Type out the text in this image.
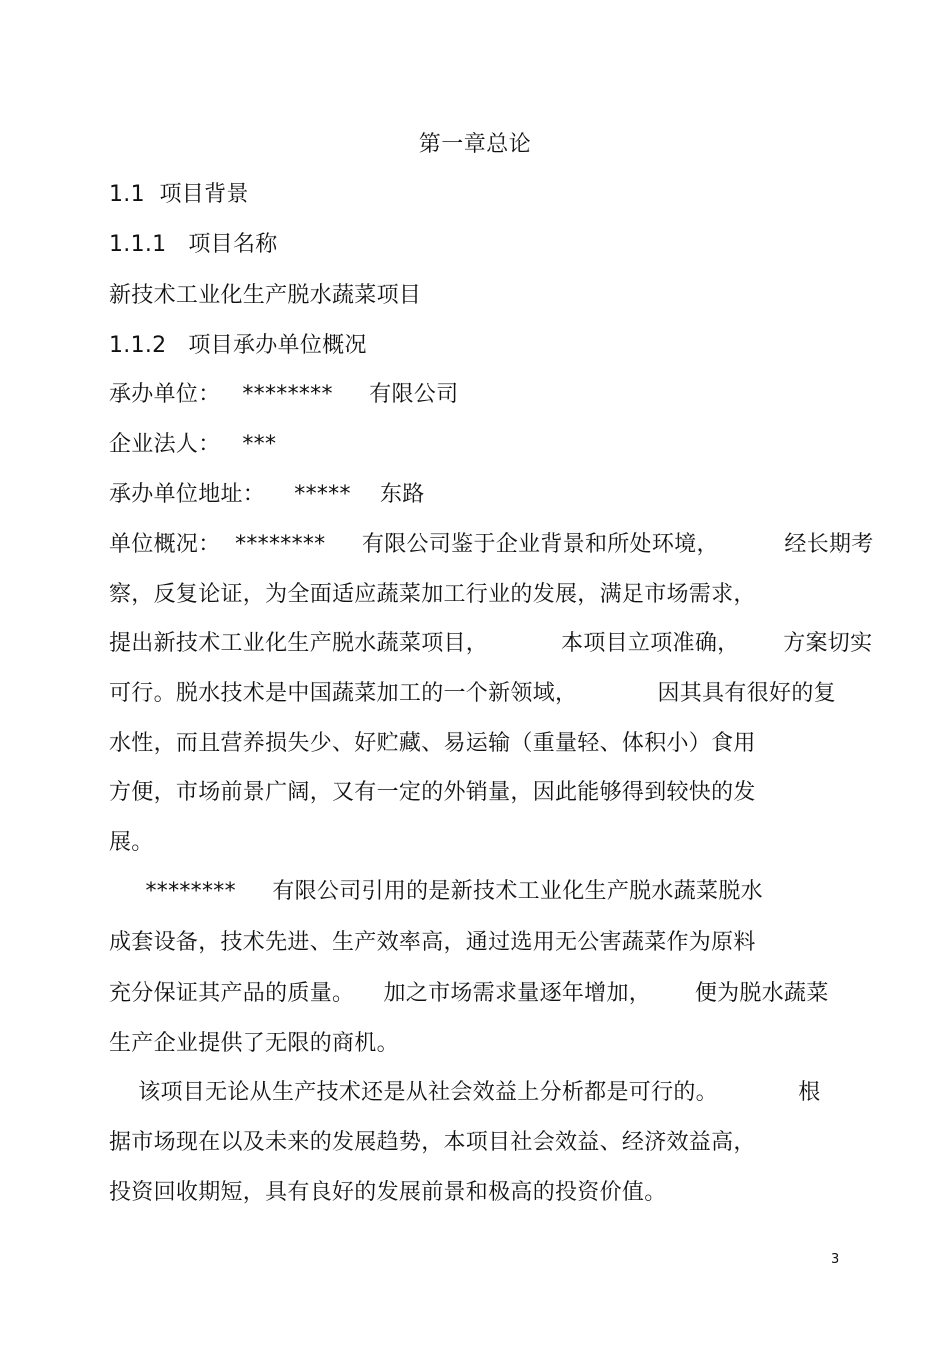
第一章总论
1.1  项目背景
1.1.1   项目名称
新技术工业化生产脱水蔬菜项目
1.1.2   项目承办单位概况
承办单位：   ********     有限公司
企业法人：   ***
承办单位地址：    *****    东路
单位概况：  ********     有限公司鉴于企业背景和所处环境，         经长期考
察，反复论证，为全面适应蔬菜加工行业的发展，满足市场需求，
提出新技术工业化生产脱水蔬菜项目，          本项目立项准确，      方案切实
可行。脱水技术是中国蔬菜加工的一个新领域，           因其具有很好的复
水性，而且营养损失少、好贮藏、易运输（重量轻、体积小）食用
方便，市场前景广阔，又有一定的外销量，因此能够得到较快的发
展。
********     有限公司引用的是新技术工业化生产脱水蔬菜脱水
成套设备，技术先进、生产效率高，通过选用无公害蔬菜作为原料
充分保证其产品的质量。    加之市场需求量逐年增加，      便为脱水蔬菜
生产企业提供了无限的商机。
该项目无论从生产技术还是从社会效益上分析都是可行的。           根
据市场现在以及未来的发展趋势，本项目社会效益、经济效益高，
投资回收期短，具有良好的发展前景和极高的投资价值。
3
